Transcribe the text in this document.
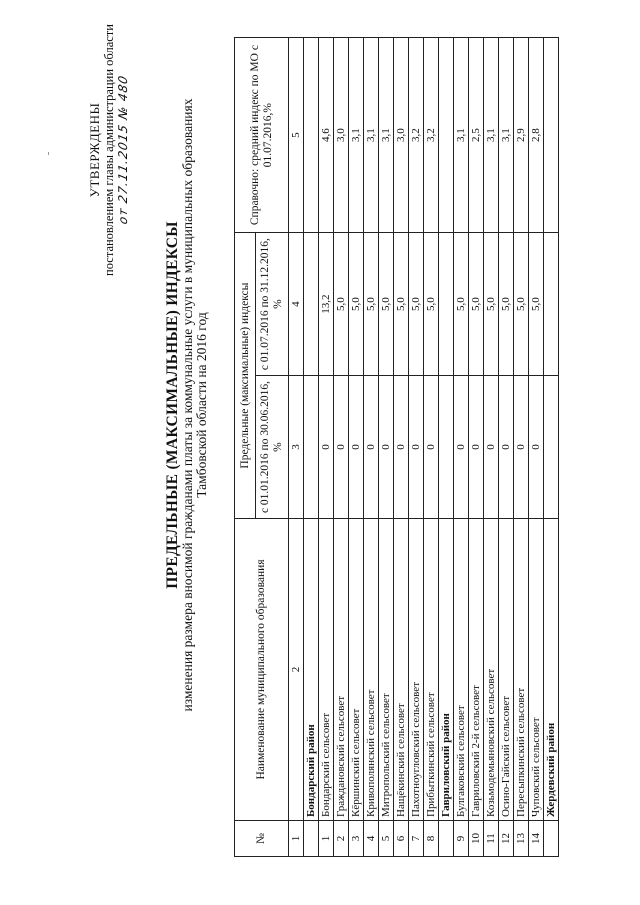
УТВЕРЖДЕНЫ постановлением главы администрации области от 27.11.2015 № 480
ПРЕДЕЛЬНЫЕ (МАКСИМАЛЬНЫЕ) ИНДЕКСЫ изменения размера вносимой гражданами платы за коммунальные услуги в муниципальных образованиях Тамбовской области на 2016 год
№	Наименование муниципального образования	Предельные (максимальные) индексы		Справочно: средний индекс по МО с 01.07.2016,%
		с 01.01.2016 по 30.06.2016, %	с 01.07.2016 по 31.12.2016, %	
1	2	3	4	5
	Бондарский район			
1	Бондарский сельсовет	0	13,2	4,6
2	Граждановский сельсовет	0	5,0	3,0
3	Кёршинский сельсовет	0	5,0	3,1
4	Кривополянский сельсовет	0	5,0	3,1
5	Митропольский сельсовет	0	5,0	3,1
6	Нащёкинский сельсовет	0	5,0	3,0
7	Пахотноугловский сельсовет	0	5,0	3,2
8	Прибыткинский сельсовет	0	5,0	3,2
	Гавриловский район			
9	Булгаковский сельсовет	0	5,0	3,1
10	Гавриловский 2-й сельсовет	0	5,0	2,5
11	Козьмодемьяновский сельсовет	0	5,0	3,1
12	Осино-Гайский сельсовет	0	5,0	3,1
13	Пересыпкинский сельсовет	0	5,0	2,9
14	Чуповский сельсовет	0	5,0	2,8
	Жердевский район			
